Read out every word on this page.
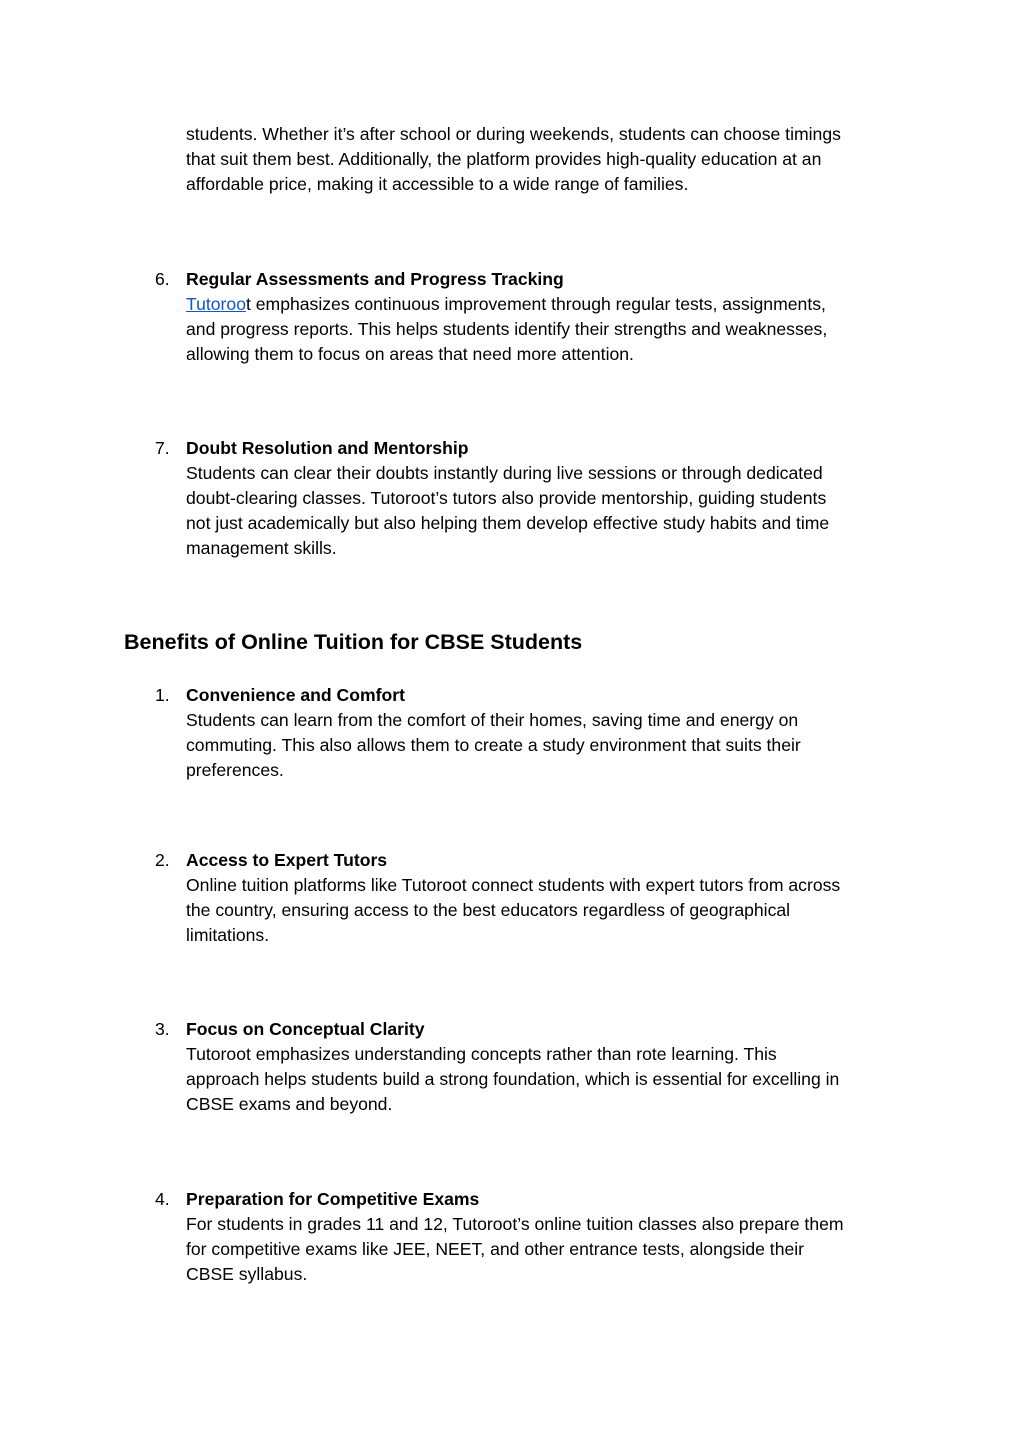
students. Whether it’s after school or during weekends, students can choose timings
that suit them best. Additionally, the platform provides high-quality education at an
affordable price, making it accessible to a wide range of families.

6. Regular Assessments and Progress Tracking
Tutoroot emphasizes continuous improvement through regular tests, assignments,
and progress reports. This helps students identify their strengths and weaknesses,
allowing them to focus on areas that need more attention.
7. Doubt Resolution and Mentorship
Students can clear their doubts instantly during live sessions or through dedicated
doubt-clearing classes. Tutoroot’s tutors also provide mentorship, guiding students
not just academically but also helping them develop effective study habits and time
management skills.
Benefits of Online Tuition for CBSE Students
1. Convenience and Comfort
Students can learn from the comfort of their homes, saving time and energy on
commuting. This also allows them to create a study environment that suits their
preferences.
2. Access to Expert Tutors
Online tuition platforms like Tutoroot connect students with expert tutors from across
the country, ensuring access to the best educators regardless of geographical
limitations.
3. Focus on Conceptual Clarity
Tutoroot emphasizes understanding concepts rather than rote learning. This
approach helps students build a strong foundation, which is essential for excelling in
CBSE exams and beyond.
4. Preparation for Competitive Exams
For students in grades 11 and 12, Tutoroot’s online tuition classes also prepare them
for competitive exams like JEE, NEET, and other entrance tests, alongside their
CBSE syllabus.
